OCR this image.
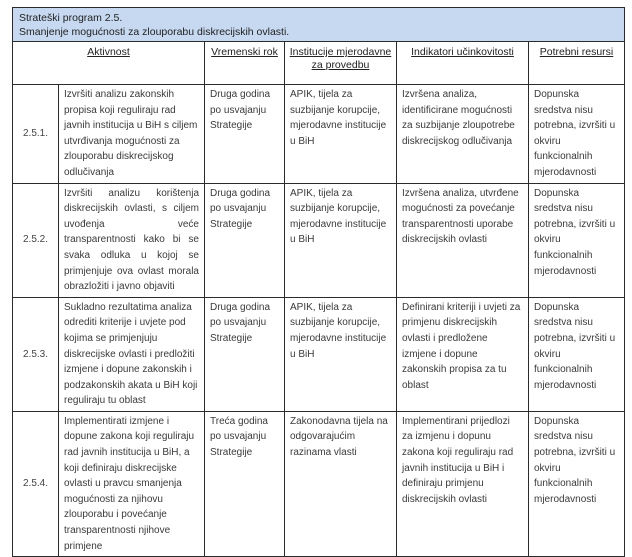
Strateški program 2.5.
Smanjenje mogućnosti za zlouporabu diskrecijskih ovlasti.					

Aktivnost		Vremenski rok	Institucije mjerodavne za provedbu	Indikatori učinkovitosti	Potrebni resursi
2.5.1.	Izvršiti analizu zakonskih propisa koji reguliraju rad javnih institucija u BiH s ciljem utvrđivanja mogućnosti za zlouporabu diskrecijskog odlučivanja	Druga godina po usvajanju Strategije	APIK, tijela za suzbijanje korupcije, mjerodavne institucije u BiH	Izvršena analiza, identificirane mogućnosti za suzbijanje zloupotrebe diskrecijskog odlučivanja	Dopunska sredstva nisu potrebna, izvršiti u okviru funkcionalnih mjerodavnosti
2.5.2.	Izvršiti analizu korištenja diskrecijskih ovlasti, s ciljem uvođenja veće transparentnosti kako bi se svaka odluka u kojoj se primjenjuje ova ovlast morala obrazložiti i javno objaviti	Druga godina po usvajanju Strategije	APIK, tijela za suzbijanje korupcije, mjerodavne institucije u BiH	Izvršena analiza, utvrđene mogućnosti za povećanje transparentnosti uporabe diskrecijskih ovlasti	Dopunska sredstva nisu potrebna, izvršiti u okviru funkcionalnih mjerodavnosti
2.5.3.	Sukladno rezultatima analiza odrediti kriterije i uvjete pod kojima se primjenjuju diskrecijske ovlasti i predložiti izmjene i dopune zakonskih i podzakonskih akata u BiH koji reguliraju tu oblast	Druga godina po usvajanju Strategije	APIK, tijela za suzbijanje korupcije, mjerodavne institucije u BiH	Definirani kriteriji i uvjeti za primjenu diskrecijskih ovlasti i predložene izmjene i dopune zakonskih propisa za tu oblast	Dopunska sredstva nisu potrebna, izvršiti u okviru funkcionalnih mjerodavnosti
2.5.4.	Implementirati izmjene i dopune zakona koji reguliraju rad javnih institucija u BiH, a koji definiraju diskrecijske ovlasti u pravcu smanjenja mogućnosti za njihovu zlouporabu i povećanje transparentnosti njihove primjene	Treća godina po usvajanju Strategije	Zakonodavna tijela na odgovarajućim razinama vlasti	Implementirani prijedlozi za izmjenu i dopunu zakona koji reguliraju rad javnih institucija u BiH i definiraju primjenu diskrecijskih ovlasti	Dopunska sredstva nisu potrebna, izvršiti u okviru funkcionalnih mjerodavnosti
